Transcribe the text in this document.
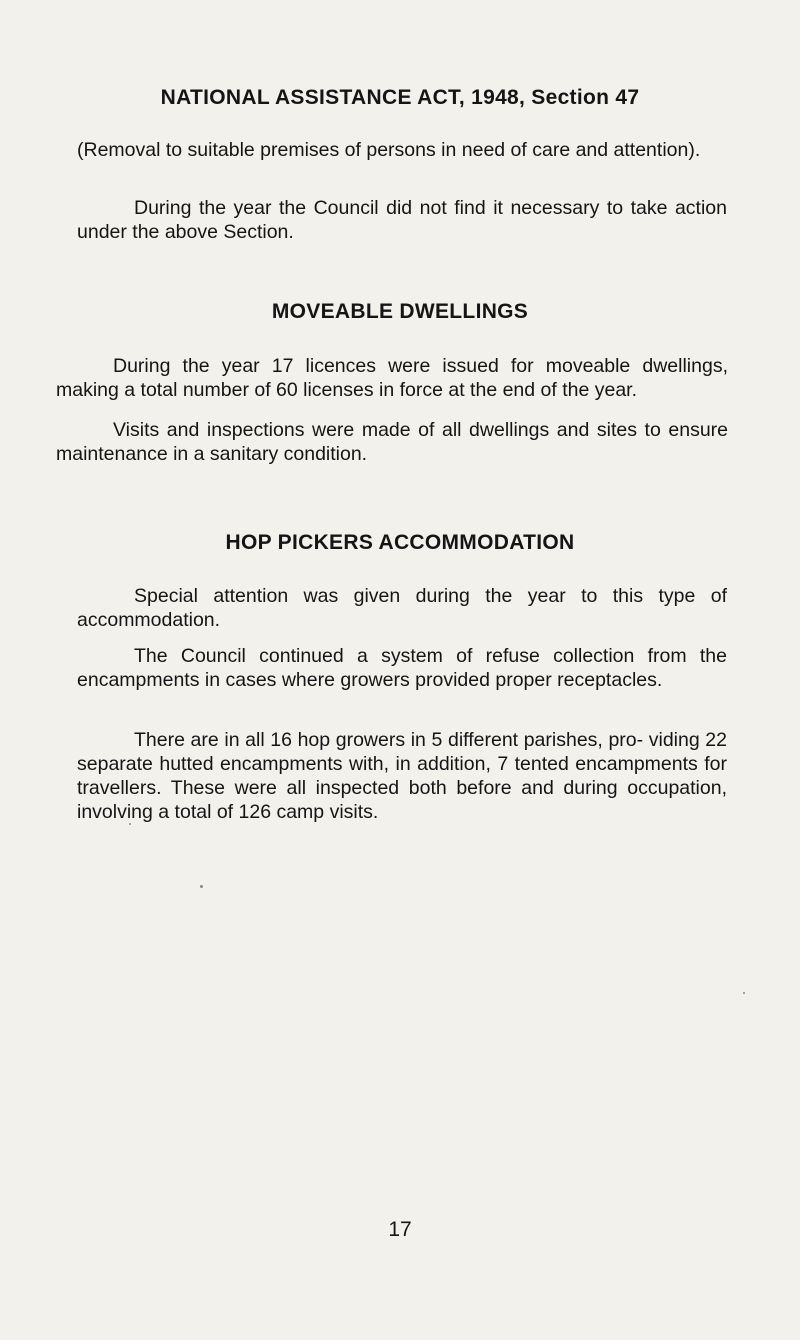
NATIONAL ASSISTANCE ACT, 1948, Section 47
(Removal to suitable premises of persons in need of care and attention).
During the year the Council did not find it necessary to take action under the above Section.
MOVEABLE DWELLINGS
During the year 17 licences were issued for moveable dwellings, making a total number of 60 licenses in force at the end of the year.
Visits and inspections were made of all dwellings and sites to ensure maintenance in a sanitary condition.
HOP PICKERS ACCOMMODATION
Special attention was given during the year to this type of accommodation.
The Council continued a system of refuse collection from the encampments in cases where growers provided proper receptacles.
There are in all 16 hop growers in 5 different parishes, pro- viding 22 separate hutted encampments with, in addition, 7 tented encampments for travellers. These were all inspected both before and during occupation, involving a total of 126 camp visits.
17
